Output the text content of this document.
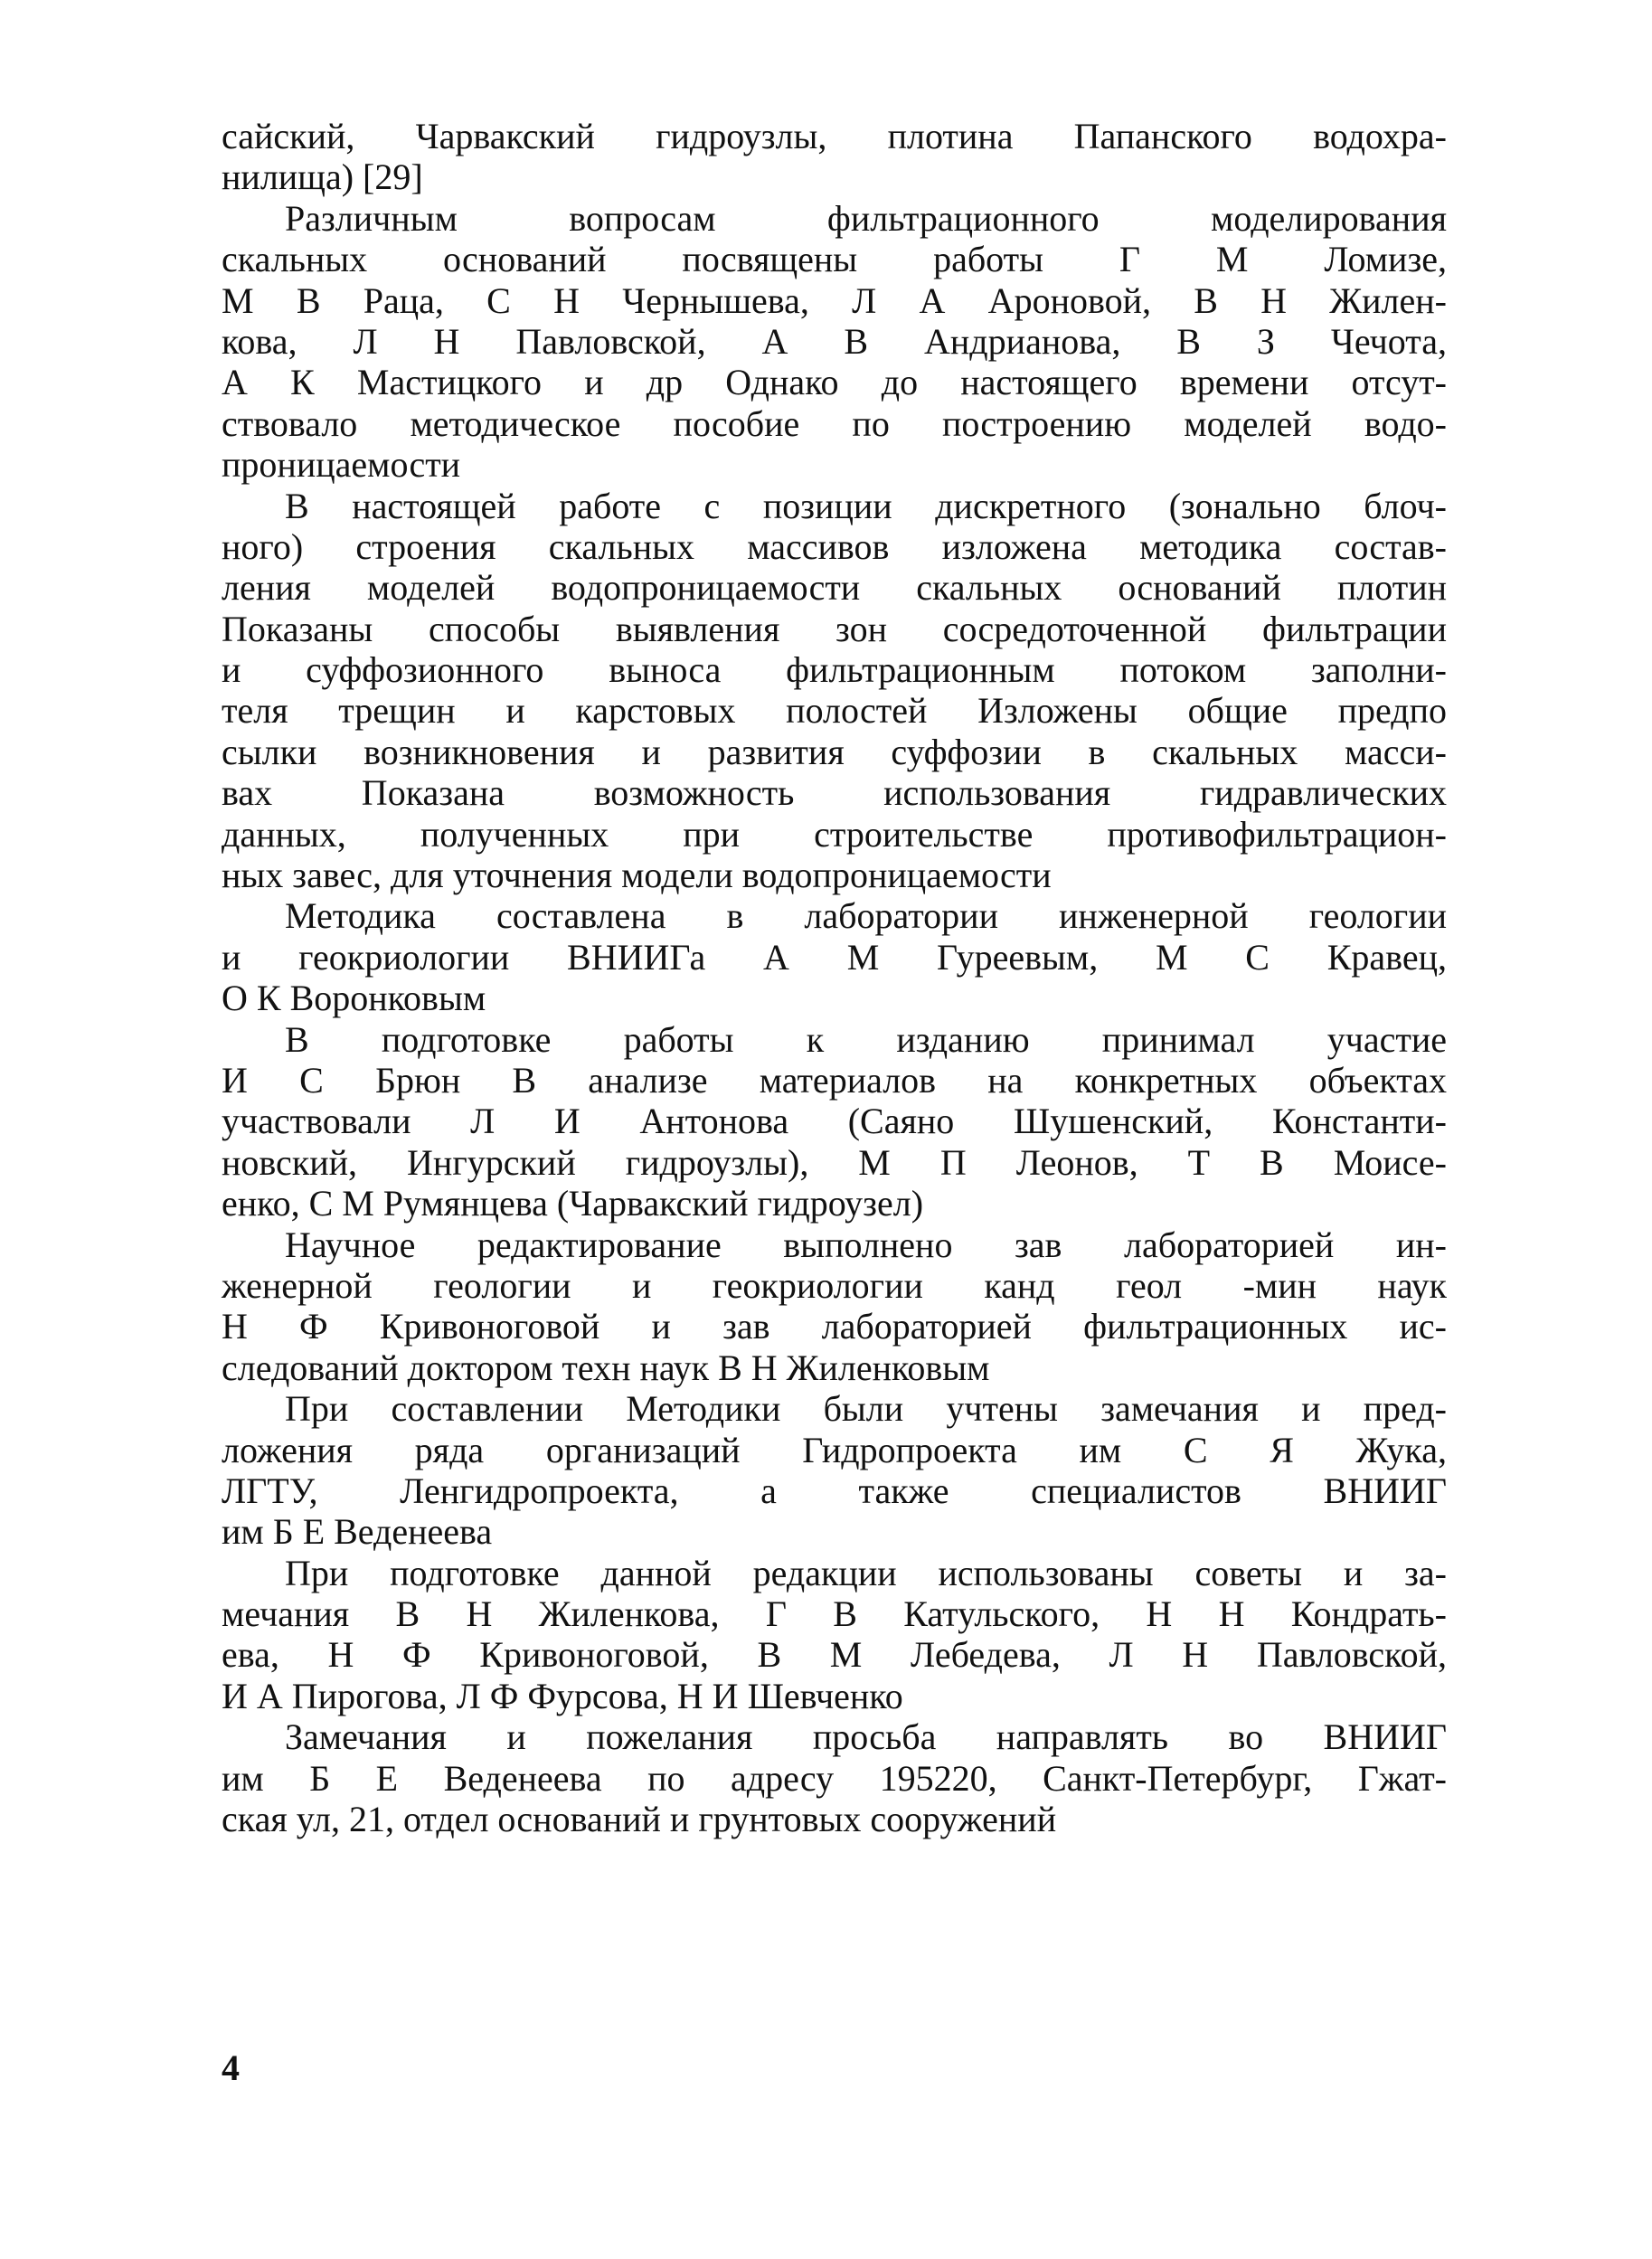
сайский, Чарвакский гидроузлы, плотина Папанского водохра-
нилища) [29]
Различным вопросам фильтрационного моделирования
скальных оснований посвящены работы Г М Ломизе,
М В Раца, С Н Чернышева, Л А Ароновой, В Н Жилен-
кова, Л Н Павловской, А В Андрианова, В З Чечота,
А К Мастицкого и др Однако до настоящего времени отсут-
ствовало методическое пособие по построению моделей водо-
проницаемости
В настоящей работе с позиции дискретного (зонально блоч-
ного) строения скальных массивов изложена методика состав-
ления моделей водопроницаемости скальных оснований плотин
Показаны способы выявления зон сосредоточенной фильтрации
и суффозионного выноса фильтрационным потоком заполни-
теля трещин и карстовых полостей Изложены общие предпо
сылки возникновения и развития суффозии в скальных масси-
вах Показана возможность использования гидравлических
данных, полученных при строительстве противофильтрацион-
ных завес, для уточнения модели водопроницаемости
Методика составлена в лаборатории инженерной геологии
и геокриологии ВНИИГа А М Гуреевым, М С Кравец,
О К Воронковым
В подготовке работы к изданию принимал участие
И С Брюн В анализе материалов на конкретных объектах
участвовали Л И Антонова (Саяно Шушенский, Константи-
новский, Ингурский гидроузлы), М П Леонов, Т В Моисе-
енко, С М Румянцева (Чарвакский гидроузел)
Научное редактирование выполнено зав лабораторией ин-
женерной геологии и геокриологии канд геол -мин наук
Н Ф Кривоноговой и зав лабораторией фильтрационных ис-
следований доктором техн наук В Н Жиленковым
При составлении Методики были учтены замечания и пред-
ложения ряда организаций Гидропроекта им С Я Жука,
ЛГТУ, Ленгидропроекта, а также специалистов ВНИИГ
им Б Е Веденеева
При подготовке данной редакции использованы советы и за-
мечания В Н Жиленкова, Г В Катульского, Н Н Кондрать-
ева, Н Ф Кривоноговой, В М Лебедева, Л Н Павловской,
И А Пирогова, Л Ф Фурсова, Н И Шевченко
Замечания и пожелания просьба направлять во ВНИИГ
им Б Е Веденеева по адресу 195220, Санкт-Петербург, Гжат-
ская ул, 21, отдел оснований и грунтовых сооружений
4
